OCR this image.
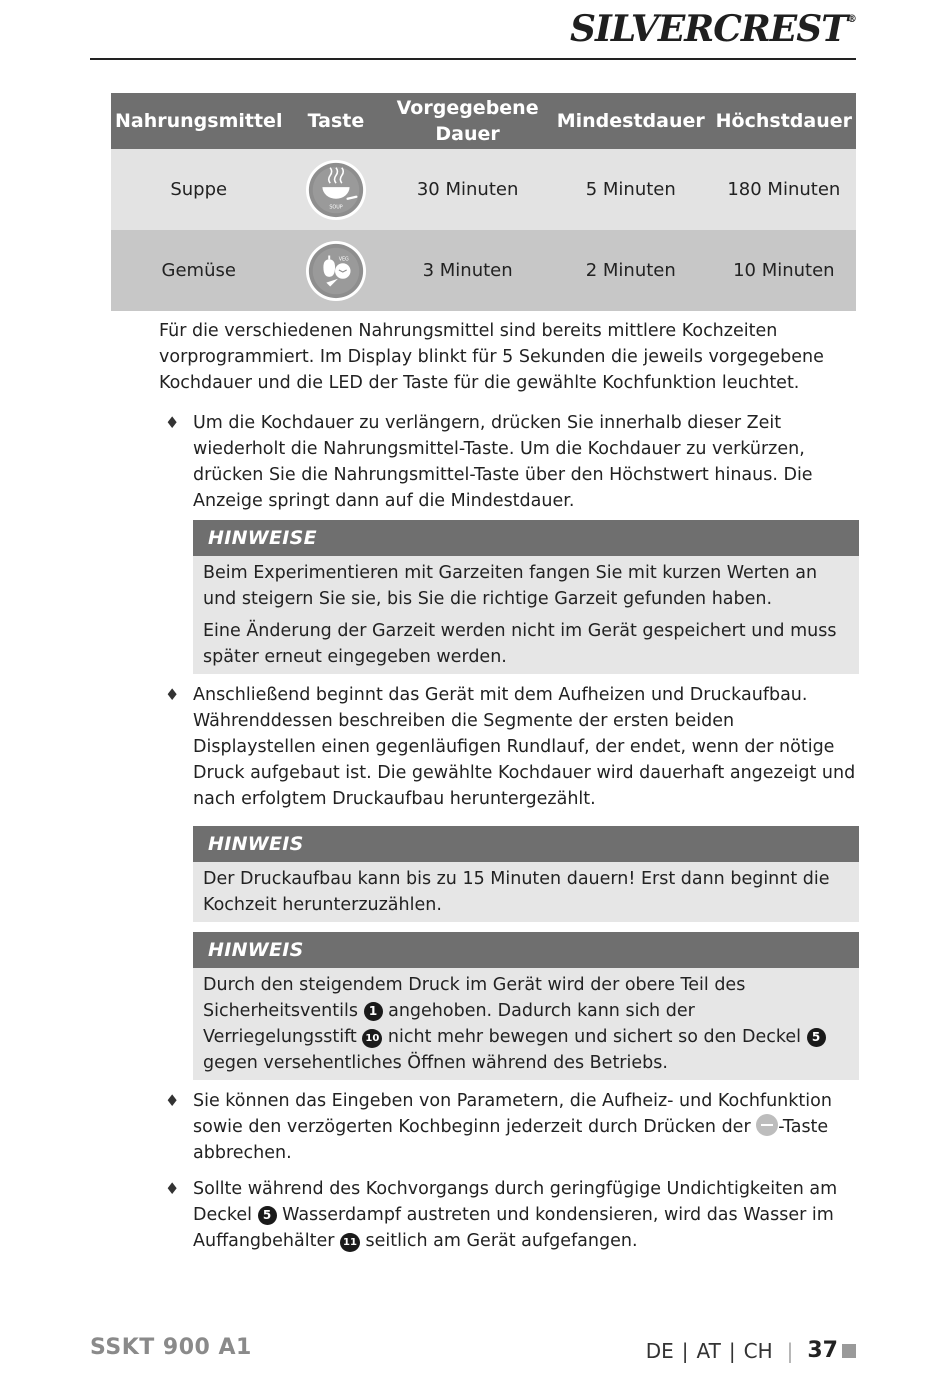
SILVERCREST®
Nahrungsmittel	Taste	Vorgegebene Dauer	Mindestdauer	Höchstdauer
Suppe	SOUP	30 Minuten	5 Minuten	180 Minuten
Gemüse	VEG	3 Minuten	2 Minuten	10 Minuten

Für die verschiedenen Nahrungsmittel sind bereits mittlere Kochzeiten vorprogrammiert. Im Display blinkt für 5 Sekunden die jeweils vorgegebene Kochdauer und die LED der Taste für die gewählte Kochfunktion leuchtet.

♦ Um die Kochdauer zu verlängern, drücken Sie innerhalb dieser Zeit wiederholt die Nahrungsmittel-Taste. Um die Kochdauer zu verkürzen, drücken Sie die Nahrungsmittel-Taste über den Höchstwert hinaus. Die Anzeige springt dann auf die Mindestdauer.
HINWEISE

Beim Experimentieren mit Garzeiten fangen Sie mit kurzen Werten an und steigern Sie sie, bis Sie die richtige Garzeit gefunden haben.

Eine Änderung der Garzeit werden nicht im Gerät gespeichert und muss später erneut eingegeben werden.

♦ Anschließend beginnt das Gerät mit dem Aufheizen und Druckaufbau. Währenddessen beschreiben die Segmente der ersten beiden Displaystellen einen gegenläufigen Rundlauf, der endet, wenn der nötige Druck aufgebaut ist. Die gewählte Kochdauer wird dauerhaft angezeigt und nach erfolgtem Druckaufbau heruntergezählt.
HINWEIS

Der Druckaufbau kann bis zu 15 Minuten dauern! Erst dann beginnt die Kochzeit herunterzuzählen.

HINWEIS

Durch den steigendem Druck im Gerät wird der obere Teil des Sicherheitsventils 1 angehoben. Dadurch kann sich der Verriegelungsstift 10 nicht mehr bewegen und sichert so den Deckel 5 gegen versehentliches Öffnen während des Betriebs.

♦ Sie können das Eingeben von Parametern, die Aufheiz- und Kochfunktion sowie den verzögerten Kochbeginn jederzeit durch Drücken der -Taste abbrechen.
♦ Sollte während des Kochvorgangs durch geringfügige Undichtigkeiten am Deckel 5 Wasserdampf austreten und kondensieren, wird das Wasser im Auffangbehälter 11 seitlich am Gerät aufgefangen.
SSKT 900 A1	DE | AT | CH | 37
